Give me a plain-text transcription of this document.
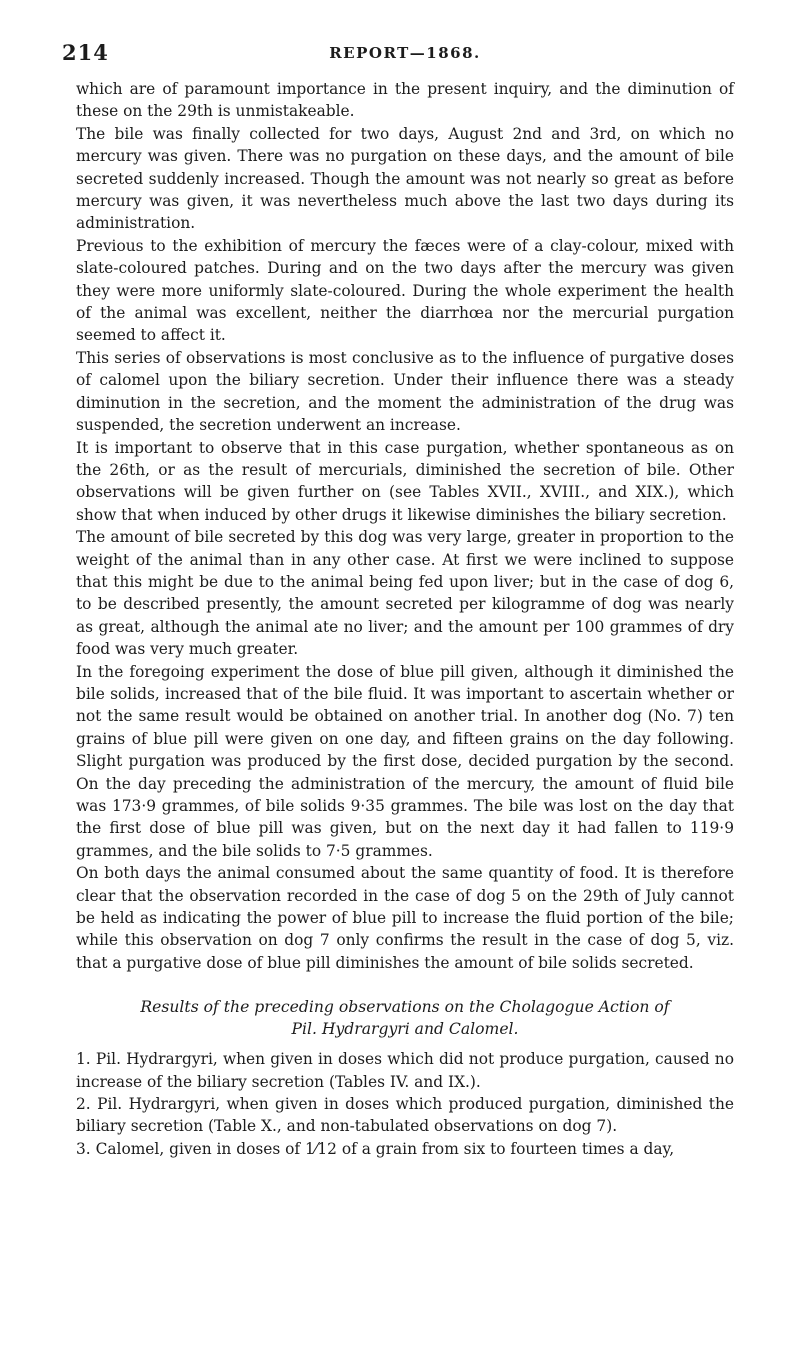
214	REPORT—1868.

which are of paramount importance in the present inquiry, and the diminution of these on the 29th is unmistakeable.

The bile was finally collected for two days, August 2nd and 3rd, on which no mercury was given. There was no purgation on these days, and the amount of bile secreted suddenly increased. Though the amount was not nearly so great as before mercury was given, it was nevertheless much above the last two days during its administration.

Previous to the exhibition of mercury the fæces were of a clay-colour, mixed with slate-coloured patches. During and on the two days after the mercury was given they were more uniformly slate-coloured. During the whole experiment the health of the animal was excellent, neither the diarrhœa nor the mercurial purgation seemed to affect it.

This series of observations is most conclusive as to the influence of purgative doses of calomel upon the biliary secretion. Under their influence there was a steady diminution in the secretion, and the moment the administration of the drug was suspended, the secretion underwent an increase.

It is important to observe that in this case purgation, whether spontaneous as on the 26th, or as the result of mercurials, diminished the secretion of bile. Other observations will be given further on (see Tables XVII., XVIII., and XIX.), which show that when induced by other drugs it likewise diminishes the biliary secretion.

The amount of bile secreted by this dog was very large, greater in proportion to the weight of the animal than in any other case. At first we were inclined to suppose that this might be due to the animal being fed upon liver; but in the case of dog 6, to be described presently, the amount secreted per kilogramme of dog was nearly as great, although the animal ate no liver; and the amount per 100 grammes of dry food was very much greater.

In the foregoing experiment the dose of blue pill given, although it diminished the bile solids, increased that of the bile fluid. It was important to ascertain whether or not the same result would be obtained on another trial. In another dog (No. 7) ten grains of blue pill were given on one day, and fifteen grains on the day following. Slight purgation was produced by the first dose, decided purgation by the second. On the day preceding the administration of the mercury, the amount of fluid bile was 173·9 grammes, of bile solids 9·35 grammes. The bile was lost on the day that the first dose of blue pill was given, but on the next day it had fallen to 119·9 grammes, and the bile solids to 7·5 grammes.

On both days the animal consumed about the same quantity of food. It is therefore clear that the observation recorded in the case of dog 5 on the 29th of July cannot be held as indicating the power of blue pill to increase the fluid portion of the bile; while this observation on dog 7 only confirms the result in the case of dog 5, viz. that a purgative dose of blue pill diminishes the amount of bile solids secreted.

Results of the preceding observations on the Cholagogue Action of
Pil. Hydrargyri and Calomel.

1. Pil. Hydrargyri, when given in doses which did not produce purgation, caused no increase of the biliary secretion (Tables IV. and IX.).

2. Pil. Hydrargyri, when given in doses which produced purgation, diminished the biliary secretion (Table X., and non-tabulated observations on dog 7).

3. Calomel, given in doses of 1⁄12 of a grain from six to fourteen times a day,
